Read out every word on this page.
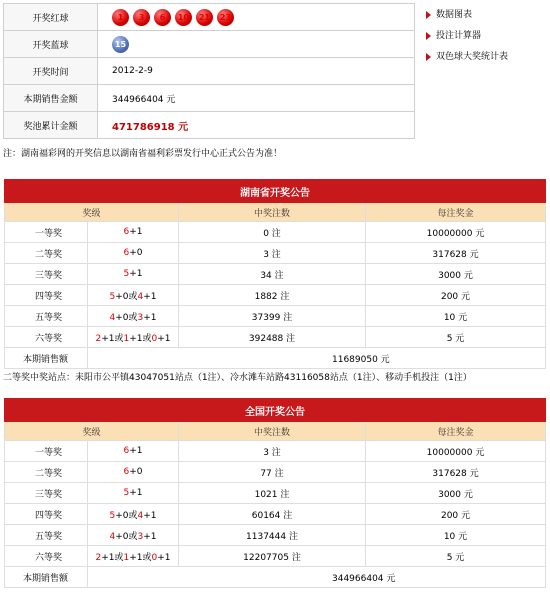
开奖红球	1 3 6 10 21 23
开奖蓝球	15
开奖时间	2012-2-9
本期销售金额	344966404 元
奖池累计金额	471786918 元
数据图表
投注计算器
双色球大奖统计表
注：湖南福彩网的开奖信息以湖南省福利彩票发行中心正式公告为准！
湖南省开奖公告			
奖级		中奖注数	每注奖金
一等奖	6+1	0 注	10000000 元
二等奖	6+0	3 注	317628 元
三等奖	5+1	34 注	3000 元
四等奖	5+0或4+1	1882 注	200 元
五等奖	4+0或3+1	37399 注	10 元
六等奖	2+1或1+1或0+1	392488 注	5 元
本期销售额	11689050 元		
二等奖中奖站点：耒阳市公平镇43047051站点（1注）、冷水滩车站路43116058站点（1注）、移动手机投注（1注）
全国开奖公告			
奖级		中奖注数	每注奖金
一等奖	6+1	3 注	10000000 元
二等奖	6+0	77 注	317628 元
三等奖	5+1	1021 注	3000 元
四等奖	5+0或4+1	60164 注	200 元
五等奖	4+0或3+1	1137444 注	10 元
六等奖	2+1或1+1或0+1	12207705 注	5 元
本期销售额	344966404 元		
